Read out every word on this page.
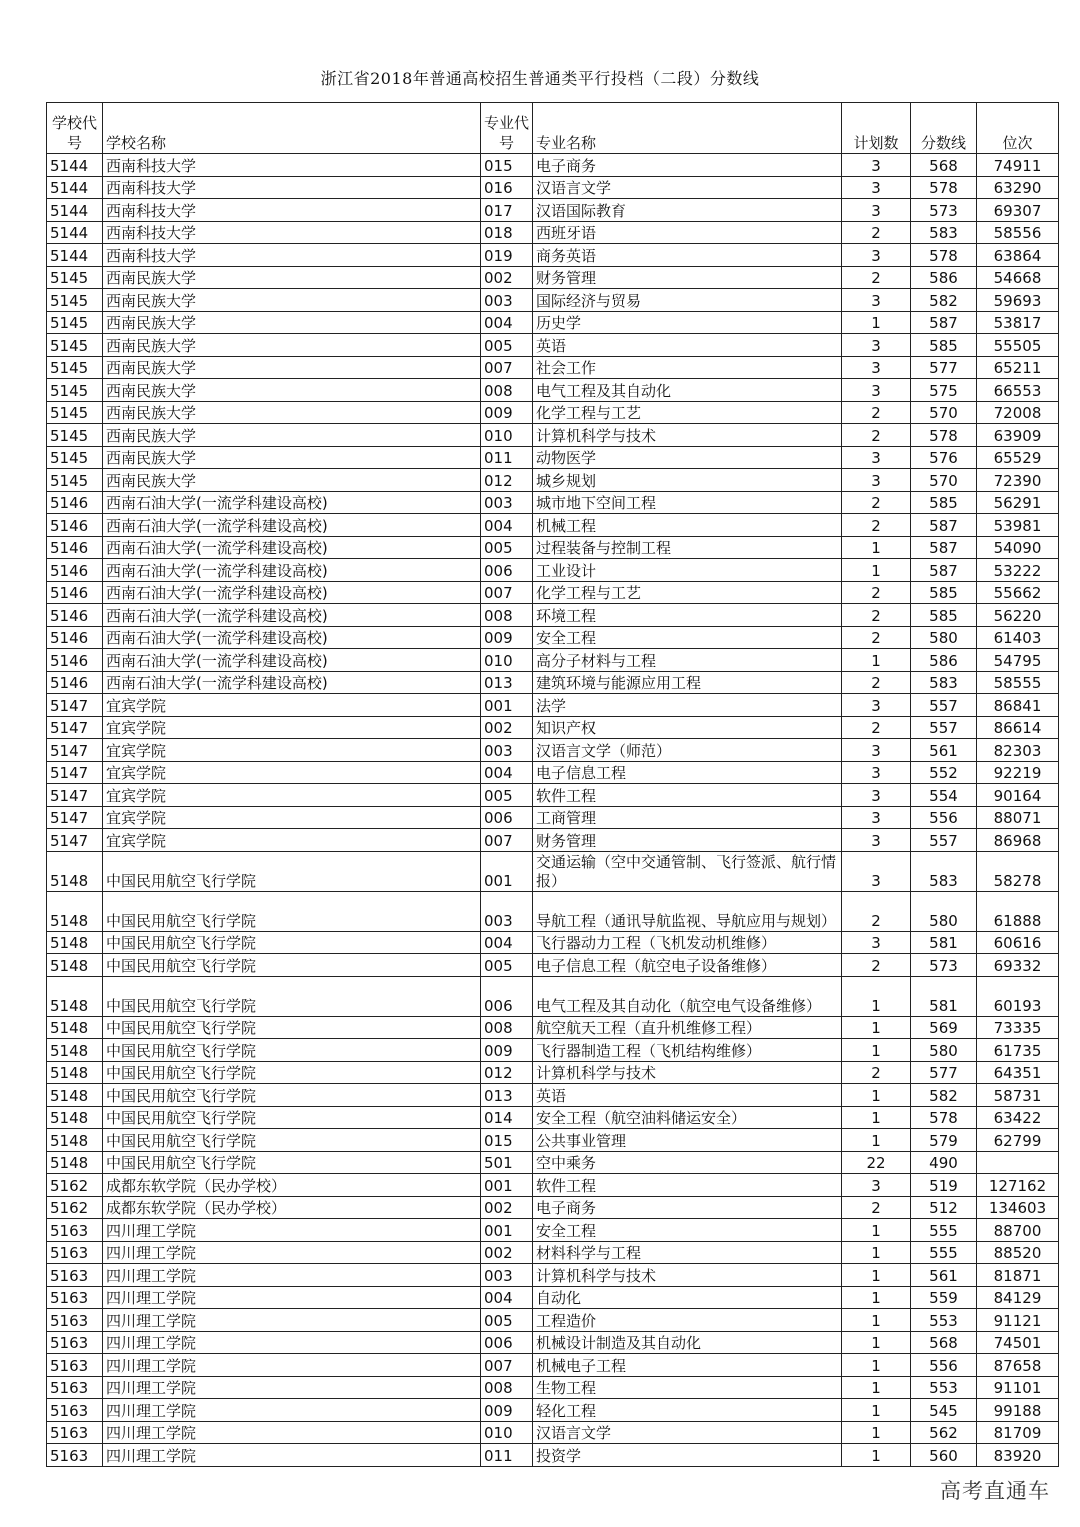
浙江省2018年普通高校招生普通类平行投档（二段）分数线
学校代号	学校名称	专业代号	专业名称	计划数	分数线	位次
5144	西南科技大学	015	电子商务	3	568	74911
5144	西南科技大学	016	汉语言文学	3	578	63290
5144	西南科技大学	017	汉语国际教育	3	573	69307
5144	西南科技大学	018	西班牙语	2	583	58556
5144	西南科技大学	019	商务英语	3	578	63864
5145	西南民族大学	002	财务管理	2	586	54668
5145	西南民族大学	003	国际经济与贸易	3	582	59693
5145	西南民族大学	004	历史学	1	587	53817
5145	西南民族大学	005	英语	3	585	55505
5145	西南民族大学	007	社会工作	3	577	65211
5145	西南民族大学	008	电气工程及其自动化	3	575	66553
5145	西南民族大学	009	化学工程与工艺	2	570	72008
5145	西南民族大学	010	计算机科学与技术	2	578	63909
5145	西南民族大学	011	动物医学	3	576	65529
5145	西南民族大学	012	城乡规划	3	570	72390
5146	西南石油大学(一流学科建设高校)	003	城市地下空间工程	2	585	56291
5146	西南石油大学(一流学科建设高校)	004	机械工程	2	587	53981
5146	西南石油大学(一流学科建设高校)	005	过程装备与控制工程	1	587	54090
5146	西南石油大学(一流学科建设高校)	006	工业设计	1	587	53222
5146	西南石油大学(一流学科建设高校)	007	化学工程与工艺	2	585	55662
5146	西南石油大学(一流学科建设高校)	008	环境工程	2	585	56220
5146	西南石油大学(一流学科建设高校)	009	安全工程	2	580	61403
5146	西南石油大学(一流学科建设高校)	010	高分子材料与工程	1	586	54795
5146	西南石油大学(一流学科建设高校)	013	建筑环境与能源应用工程	2	583	58555
5147	宜宾学院	001	法学	3	557	86841
5147	宜宾学院	002	知识产权	2	557	86614
5147	宜宾学院	003	汉语言文学（师范）	3	561	82303
5147	宜宾学院	004	电子信息工程	3	552	92219
5147	宜宾学院	005	软件工程	3	554	90164
5147	宜宾学院	006	工商管理	3	556	88071
5147	宜宾学院	007	财务管理	3	557	86968
5148	中国民用航空飞行学院	001	交通运输（空中交通管制、飞行签派、航行情报）	3	583	58278
5148	中国民用航空飞行学院	003	导航工程（通讯导航监视、导航应用与规划）	2	580	61888
5148	中国民用航空飞行学院	004	飞行器动力工程（飞机发动机维修）	3	581	60616
5148	中国民用航空飞行学院	005	电子信息工程（航空电子设备维修）	2	573	69332
5148	中国民用航空飞行学院	006	电气工程及其自动化（航空电气设备维修）	1	581	60193
5148	中国民用航空飞行学院	008	航空航天工程（直升机维修工程）	1	569	73335
5148	中国民用航空飞行学院	009	飞行器制造工程（飞机结构维修）	1	580	61735
5148	中国民用航空飞行学院	012	计算机科学与技术	2	577	64351
5148	中国民用航空飞行学院	013	英语	1	582	58731
5148	中国民用航空飞行学院	014	安全工程（航空油料储运安全）	1	578	63422
5148	中国民用航空飞行学院	015	公共事业管理	1	579	62799
5148	中国民用航空飞行学院	501	空中乘务	22	490	
5162	成都东软学院（民办学校）	001	软件工程	3	519	127162
5162	成都东软学院（民办学校）	002	电子商务	2	512	134603
5163	四川理工学院	001	安全工程	1	555	88700
5163	四川理工学院	002	材料科学与工程	1	555	88520
5163	四川理工学院	003	计算机科学与技术	1	561	81871
5163	四川理工学院	004	自动化	1	559	84129
5163	四川理工学院	005	工程造价	1	553	91121
5163	四川理工学院	006	机械设计制造及其自动化	1	568	74501
5163	四川理工学院	007	机械电子工程	1	556	87658
5163	四川理工学院	008	生物工程	1	553	91101
5163	四川理工学院	009	轻化工程	1	545	99188
5163	四川理工学院	010	汉语言文学	1	562	81709
5163	四川理工学院	011	投资学	1	560	83920
高考直通车
